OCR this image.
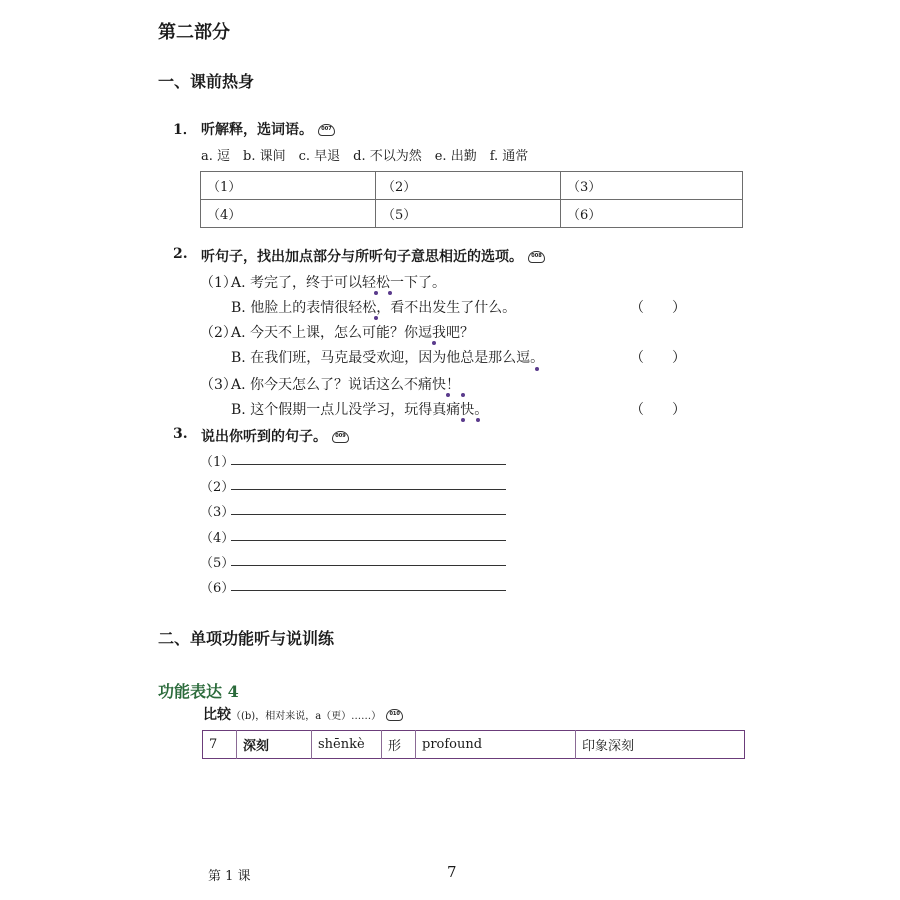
第二部分
一、课前热身
1． 听解释，选词语。 007
a. 逗　b. 课间　c. 早退　d. 不以为然　e. 出勤　f. 通常
（1）	（2）	（3）
（4）	（5）	（6）
2. 听句子，找出加点部分与所听句子意思相近的选项。 008
（1）
A. 考完了，终于可以轻松一下了。
B. 他脸上的表情很轻松，看不出发生了什么。	（　　）
（2）
A. 今天不上课，怎么可能？你逗我吧？
B. 在我们班，马克最受欢迎，因为他总是那么逗。	（　　）
（3）
A. 你今天怎么了？说话这么不痛快！
B. 这个假期一点儿没学习，玩得真痛快。	（　　）
3. 说出你听到的句子。 009
（1）
（2）
（3）
（4）
（5）
（6）
二、单项功能听与说训练
功能表达 4
比较（(b)，相对来说，a（更）……） 010
7	深刻	shēnkè	形	profound	印象深刻
第 1 课	7
